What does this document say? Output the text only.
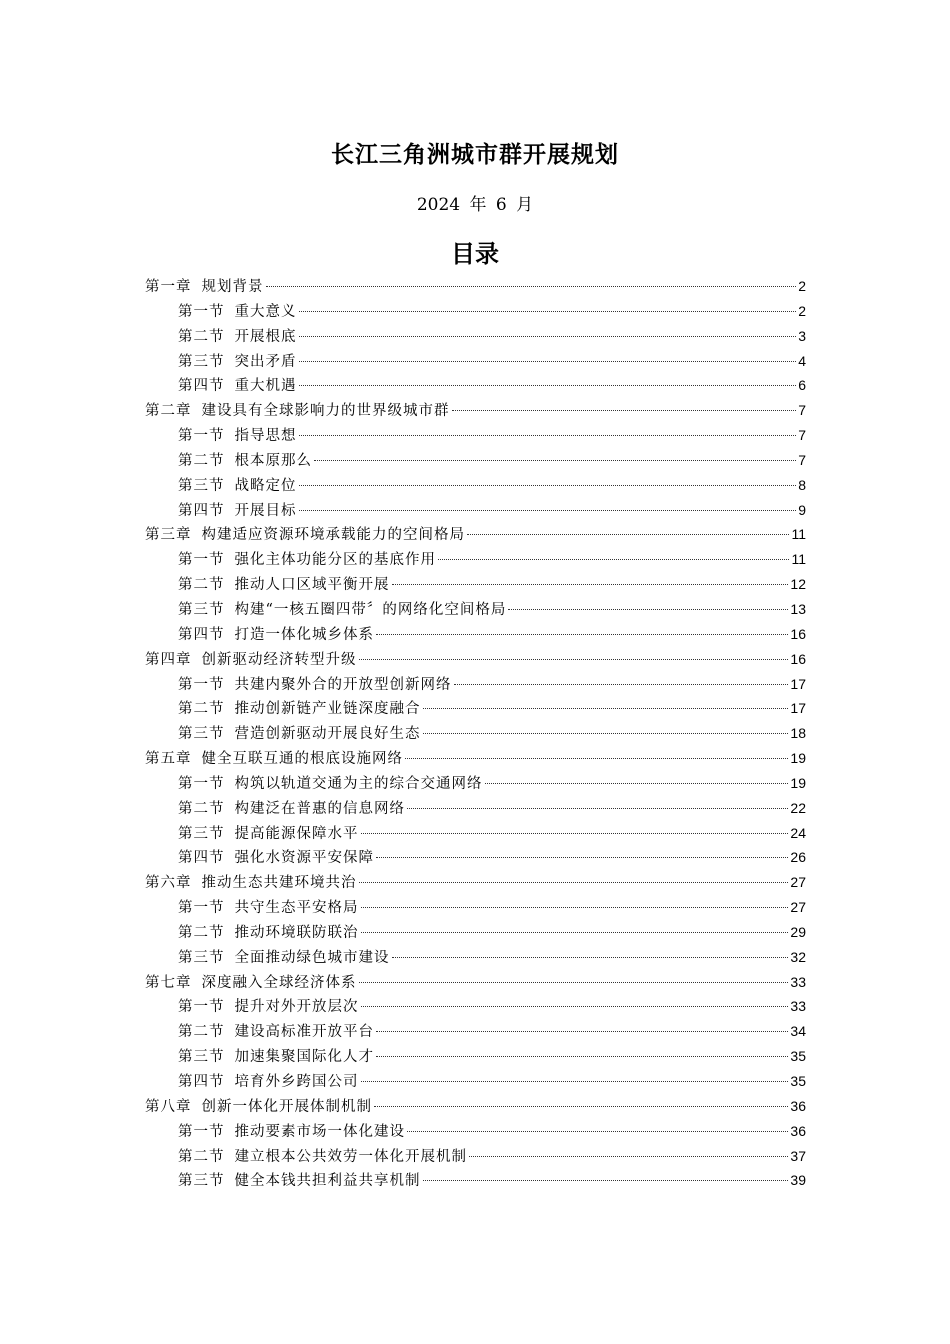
长江三角洲城市群开展规划
2024 年 6 月
目录
第一章 规划背景	2
第一节 重大意义	2
第二节 开展根底	3
第三节 突出矛盾	4
第四节 重大机遇	6
第二章 建设具有全球影响力的世界级城市群	7
第一节 指导思想	7
第二节 根本原那么	7
第三节 战略定位	8
第四节 开展目标	9
第三章 构建适应资源环境承载能力的空间格局	11
第一节 强化主体功能分区的基底作用	11
第二节 推动人口区域平衡开展	12
第三节 构建“一核五圈四带〞的网络化空间格局	13
第四节 打造一体化城乡体系	16
第四章 创新驱动经济转型升级	16
第一节 共建内聚外合的开放型创新网络	17
第二节 推动创新链产业链深度融合	17
第三节 营造创新驱动开展良好生态	18
第五章 健全互联互通的根底设施网络	19
第一节 构筑以轨道交通为主的综合交通网络	19
第二节 构建泛在普惠的信息网络	22
第三节 提高能源保障水平	24
第四节 强化水资源平安保障	26
第六章 推动生态共建环境共治	27
第一节 共守生态平安格局	27
第二节 推动环境联防联治	29
第三节 全面推动绿色城市建设	32
第七章 深度融入全球经济体系	33
第一节 提升对外开放层次	33
第二节 建设高标准开放平台	34
第三节 加速集聚国际化人才	35
第四节 培育外乡跨国公司	35
第八章 创新一体化开展体制机制	36
第一节 推动要素市场一体化建设	36
第二节 建立根本公共效劳一体化开展机制	37
第三节 健全本钱共担利益共享机制	39
